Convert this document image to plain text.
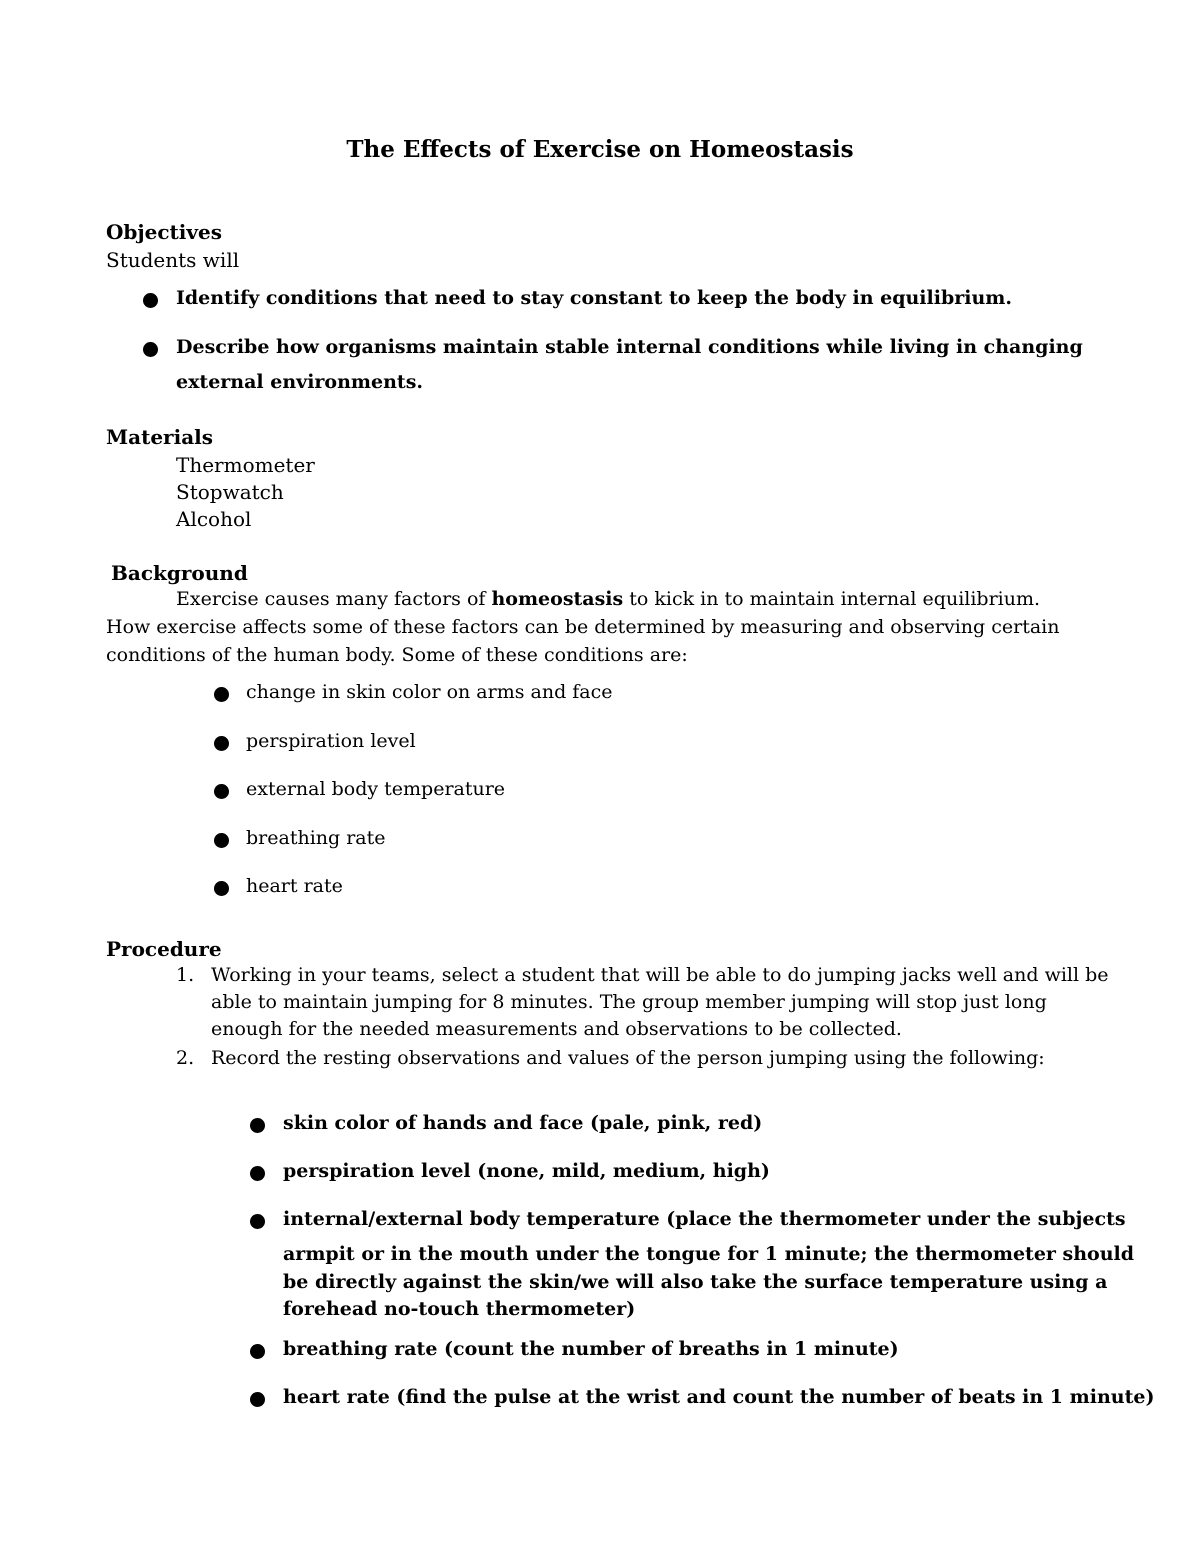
The Effects of Exercise on Homeostasis
Objectives
Students will
Identify conditions that need to stay constant to keep the body in equilibrium.
Describe how organisms maintain stable internal conditions while living in changing
external environments.
Materials
Thermometer
Stopwatch
Alcohol
Background
Exercise causes many factors of homeostasis to kick in to maintain internal equilibrium.
How exercise affects some of these factors can be determined by measuring and observing certain
conditions of the human body. Some of these conditions are:
change in skin color on arms and face
perspiration level
external body temperature
breathing rate
heart rate
Procedure
1. Working in your teams, select a student that will be able to do jumping jacks well and will be
able to maintain jumping for 8 minutes. The group member jumping will stop just long
enough for the needed measurements and observations to be collected.
2. Record the resting observations and values of the person jumping using the following:
skin color of hands and face (pale, pink, red)
perspiration level (none, mild, medium, high)
internal/external body temperature (place the thermometer under the subjects
armpit or in the mouth under the tongue for 1 minute; the thermometer should
be directly against the skin/we will also take the surface temperature using a
forehead no-touch thermometer)
breathing rate (count the number of breaths in 1 minute)
heart rate (find the pulse at the wrist and count the number of beats in 1 minute)
